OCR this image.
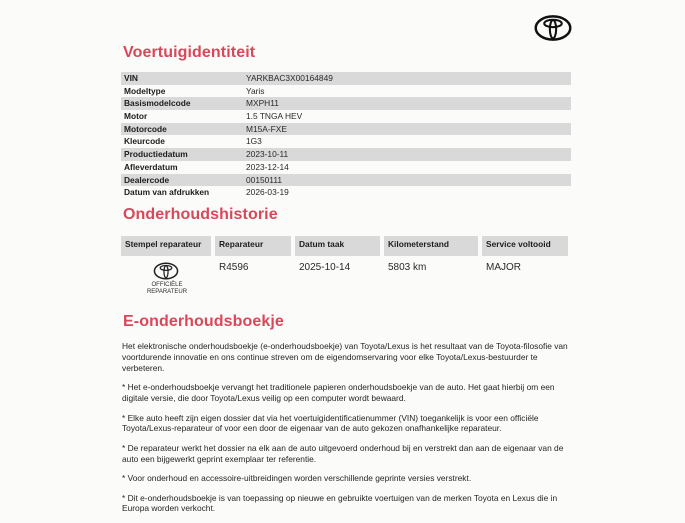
Voertuigidentiteit
VIN	YARKBAC3X00164849
Modeltype	Yaris
Basismodelcode	MXPH11
Motor	1.5 TNGA HEV
Motorcode	M15A-FXE
Kleurcode	1G3
Productiedatum	2023-10-11
Afleverdatum	2023-12-14
Dealercode	00150111
Datum van afdrukken	2026-03-19
Onderhoudshistorie
Stempel reparateur	Reparateur	Datum taak	Kilometerstand	Service voltooid
OFFICIËLE
REPARATEUR
R4596	2025-10-14	5803 km	MAJOR
E-onderhoudsboekje

Het elektronische onderhoudsboekje (e-onderhoudsboekje) van Toyota/Lexus is het resultaat van de Toyota-filosofie van voortdurende innovatie en ons continue streven om de eigendomservaring voor elke Toyota/Lexus-bestuurder te verbeteren.

* Het e-onderhoudsboekje vervangt het traditionele papieren onderhoudsboekje van de auto. Het gaat hierbij om een digitale versie, die door Toyota/Lexus veilig op een computer wordt bewaard.

* Elke auto heeft zijn eigen dossier dat via het voertuigidentificatienummer (VIN) toegankelijk is voor een officiële Toyota/Lexus-reparateur of voor een door de eigenaar van de auto gekozen onafhankelijke reparateur.

* De reparateur werkt het dossier na elk aan de auto uitgevoerd onderhoud bij en verstrekt dan aan de eigenaar van de auto een bijgewerkt geprint exemplaar ter referentie.

* Voor onderhoud en accessoire-uitbreidingen worden verschillende geprinte versies verstrekt.

* Dit e-onderhoudsboekje is van toepassing op nieuwe en gebruikte voertuigen van de merken Toyota en Lexus die in Europa worden verkocht.
